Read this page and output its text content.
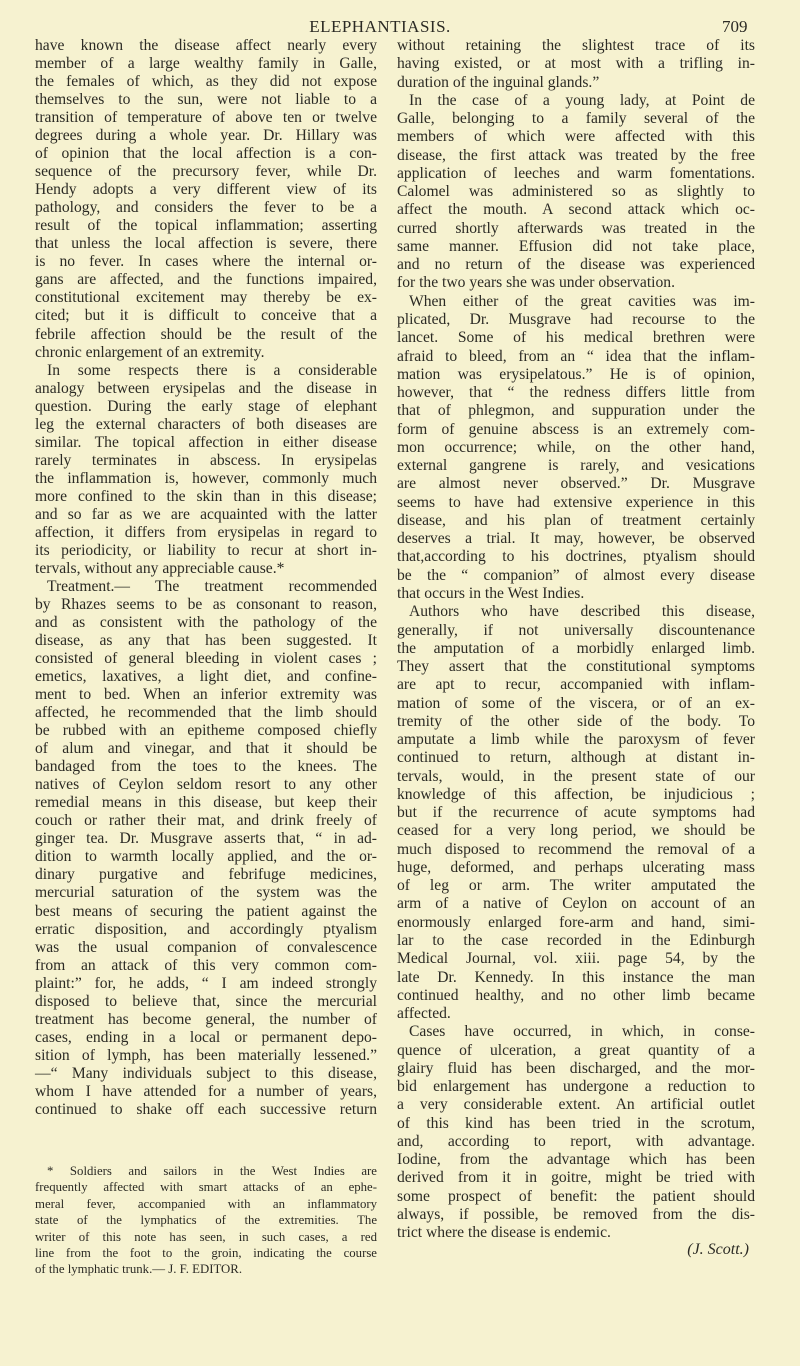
ELEPHANTIASIS.	709
have known the disease affect nearly every
member of a large wealthy family in Galle,
the females of which, as they did not expose
themselves to the sun, were not liable to a
transition of temperature of above ten or twelve
degrees during a whole year. Dr. Hillary was
of opinion that the local affection is a con-
sequence of the precursory fever, while Dr.
Hendy adopts a very different view of its
pathology, and considers the fever to be a
result of the topical inflammation; asserting
that unless the local affection is severe, there
is no fever. In cases where the internal or-
gans are affected, and the functions impaired,
constitutional excitement may thereby be ex-
cited; but it is difficult to conceive that a
febrile affection should be the result of the
chronic enlargement of an extremity.
In some respects there is a considerable
analogy between erysipelas and the disease in
question. During the early stage of elephant
leg the external characters of both diseases are
similar. The topical affection in either disease
rarely terminates in abscess. In erysipelas
the inflammation is, however, commonly much
more confined to the skin than in this disease;
and so far as we are acquainted with the latter
affection, it differs from erysipelas in regard to
its periodicity, or liability to recur at short in-
tervals, without any appreciable cause.*
Treatment.— The treatment recommended
by Rhazes seems to be as consonant to reason,
and as consistent with the pathology of the
disease, as any that has been suggested. It
consisted of general bleeding in violent cases ;
emetics, laxatives, a light diet, and confine-
ment to bed. When an inferior extremity was
affected, he recommended that the limb should
be rubbed with an epitheme composed chiefly
of alum and vinegar, and that it should be
bandaged from the toes to the knees. The
natives of Ceylon seldom resort to any other
remedial means in this disease, but keep their
couch or rather their mat, and drink freely of
ginger tea. Dr. Musgrave asserts that, “ in ad-
dition to warmth locally applied, and the or-
dinary purgative and febrifuge medicines,
mercurial saturation of the system was the
best means of securing the patient against the
erratic disposition, and accordingly ptyalism
was the usual companion of convalescence
from an attack of this very common com-
plaint:” for, he adds, “ I am indeed strongly
disposed to believe that, since the mercurial
treatment has become general, the number of
cases, ending in a local or permanent depo-
sition of lymph, has been materially lessened.”
—“ Many individuals subject to this disease,
whom I have attended for a number of years,
continued to shake off each successive return
* Soldiers and sailors in the West Indies are
frequently affected with smart attacks of an ephe-
meral fever, accompanied with an inflammatory
state of the lymphatics of the extremities. The
writer of this note has seen, in such cases, a red
line from the foot to the groin, indicating the course
of the lymphatic trunk.— J. F. EDITOR.
without retaining the slightest trace of its
having existed, or at most with a trifling in-
duration of the inguinal glands.”
In the case of a young lady, at Point de
Galle, belonging to a family several of the
members of which were affected with this
disease, the first attack was treated by the free
application of leeches and warm fomentations.
Calomel was administered so as slightly to
affect the mouth. A second attack which oc-
curred shortly afterwards was treated in the
same manner. Effusion did not take place,
and no return of the disease was experienced
for the two years she was under observation.
When either of the great cavities was im-
plicated, Dr. Musgrave had recourse to the
lancet. Some of his medical brethren were
afraid to bleed, from an “ idea that the inflam-
mation was erysipelatous.” He is of opinion,
however, that “ the redness differs little from
that of phlegmon, and suppuration under the
form of genuine abscess is an extremely com-
mon occurrence; while, on the other hand,
external gangrene is rarely, and vesications
are almost never observed.” Dr. Musgrave
seems to have had extensive experience in this
disease, and his plan of treatment certainly
deserves a trial. It may, however, be observed
that,according to his doctrines, ptyalism should
be the “ companion” of almost every disease
that occurs in the West Indies.
Authors who have described this disease,
generally, if not universally discountenance
the amputation of a morbidly enlarged limb.
They assert that the constitutional symptoms
are apt to recur, accompanied with inflam-
mation of some of the viscera, or of an ex-
tremity of the other side of the body. To
amputate a limb while the paroxysm of fever
continued to return, although at distant in-
tervals, would, in the present state of our
knowledge of this affection, be injudicious ;
but if the recurrence of acute symptoms had
ceased for a very long period, we should be
much disposed to recommend the removal of a
huge, deformed, and perhaps ulcerating mass
of leg or arm. The writer amputated the
arm of a native of Ceylon on account of an
enormously enlarged fore-arm and hand, simi-
lar to the case recorded in the Edinburgh
Medical Journal, vol. xiii. page 54, by the
late Dr. Kennedy. In this instance the man
continued healthy, and no other limb became
affected.
Cases have occurred, in which, in conse-
quence of ulceration, a great quantity of a
glairy fluid has been discharged, and the mor-
bid enlargement has undergone a reduction to
a very considerable extent. An artificial outlet
of this kind has been tried in the scrotum,
and, according to report, with advantage.
Iodine, from the advantage which has been
derived from it in goitre, might be tried with
some prospect of benefit: the patient should
always, if possible, be removed from the dis-
trict where the disease is endemic.
(J. Scott.)
